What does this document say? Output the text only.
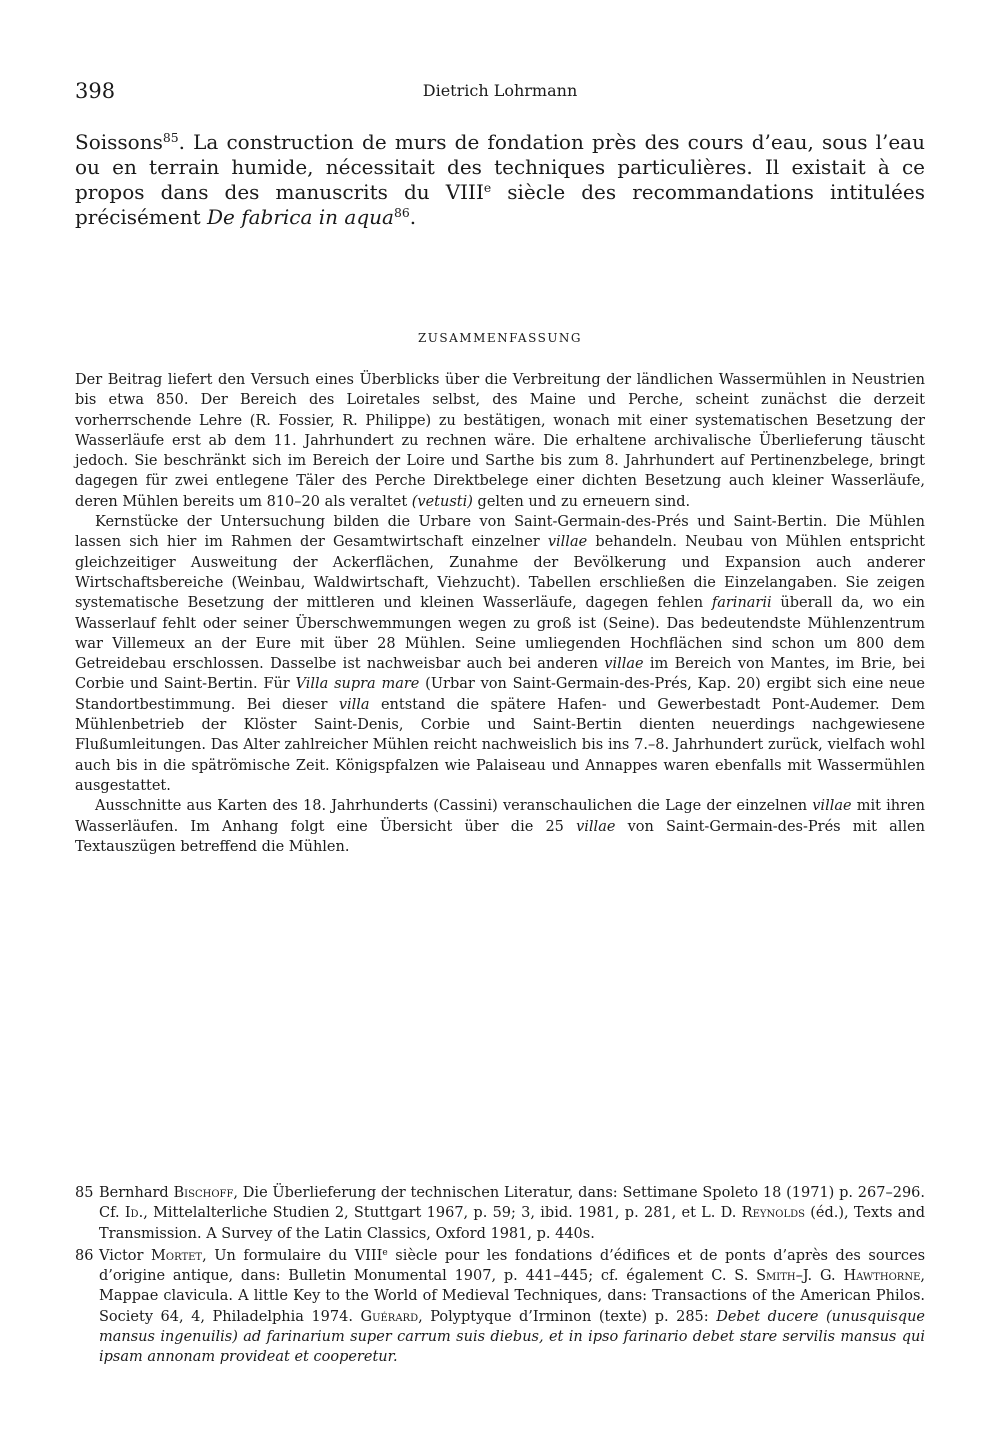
398	Dietrich Lohrmann

Soissons$^{85}$. La construction de murs de fondation près des cours d’eau, sous l’eau ou en terrain humide, nécessitait des techniques particulières. Il existait à ce propos dans des manuscrits du VIIIe siècle des recommandations intitulées précisément De fabrica in aqua$^{86}$.

ZUSAMMENFASSUNG

Der Beitrag liefert den Versuch eines Überblicks über die Verbreitung der ländlichen Wassermühlen in Neustrien bis etwa 850. Der Bereich des Loiretales selbst, des Maine und Perche, scheint zunächst die derzeit vorherrschende Lehre (R. Fossier, R. Philippe) zu bestätigen, wonach mit einer systematischen Besetzung der Wasserläufe erst ab dem 11. Jahrhundert zu rechnen wäre. Die erhaltene archivalische Überlieferung täuscht jedoch. Sie beschränkt sich im Bereich der Loire und Sarthe bis zum 8. Jahrhundert auf Pertinenzbelege, bringt dagegen für zwei entlegene Täler des Perche Direktbelege einer dichten Besetzung auch kleiner Wasserläufe, deren Mühlen bereits um 810–20 als veraltet (vetusti) gelten und zu erneuern sind.

Kernstücke der Untersuchung bilden die Urbare von Saint-Germain-des-Prés und Saint-Bertin. Die Mühlen lassen sich hier im Rahmen der Gesamtwirtschaft einzelner villae behandeln. Neubau von Mühlen entspricht gleichzeitiger Ausweitung der Ackerflächen, Zunahme der Bevölkerung und Expansion auch anderer Wirtschaftsbereiche (Weinbau, Waldwirtschaft, Viehzucht). Tabellen erschließen die Einzelangaben. Sie zeigen systematische Besetzung der mittleren und kleinen Wasserläufe, dagegen fehlen farinarii überall da, wo ein Wasserlauf fehlt oder seiner Überschwemmungen wegen zu groß ist (Seine). Das bedeutendste Mühlenzentrum war Villemeux an der Eure mit über 28 Mühlen. Seine umliegenden Hochflächen sind schon um 800 dem Getreidebau erschlossen. Dasselbe ist nachweisbar auch bei anderen villae im Bereich von Mantes, im Brie, bei Corbie und Saint-Bertin. Für Villa supra mare (Urbar von Saint-Germain-des-Prés, Kap. 20) ergibt sich eine neue Standortbestimmung. Bei dieser villa entstand die spätere Hafen- und Gewerbestadt Pont-Audemer. Dem Mühlenbetrieb der Klöster Saint-Denis, Corbie und Saint-Bertin dienten neuerdings nachgewiesene Flußumleitungen. Das Alter zahlreicher Mühlen reicht nachweislich bis ins 7.–8. Jahrhundert zurück, vielfach wohl auch bis in die spätrömische Zeit. Königspfalzen wie Palaiseau und Annappes waren ebenfalls mit Wassermühlen ausgestattet.

Ausschnitte aus Karten des 18. Jahrhunderts (Cassini) veranschaulichen die Lage der einzelnen villae mit ihren Wasserläufen. Im Anhang folgt eine Übersicht über die 25 villae von Saint-Germain-des-Prés mit allen Textauszügen betreffend die Mühlen.

85 Bernhard Bischoff, Die Überlieferung der technischen Literatur, dans: Settimane Spoleto 18 (1971) p. 267–296. Cf. Id., Mittelalterliche Studien 2, Stuttgart 1967, p. 59; 3, ibid. 1981, p. 281, et L. D. Reynolds (éd.), Texts and Transmission. A Survey of the Latin Classics, Oxford 1981, p. 440s.

86 Victor Mortet, Un formulaire du VIIIe siècle pour les fondations d’édifices et de ponts d’après des sources d’origine antique, dans: Bulletin Monumental 1907, p. 441–445; cf. également C. S. Smith–J. G. Hawthorne, Mappae clavicula. A little Key to the World of Medieval Techniques, dans: Transactions of the American Philos. Society 64, 4, Philadelphia 1974. Guérard, Polyptyque d’Irminon (texte) p. 285: Debet ducere (unusquisque mansus ingenuilis) ad farinarium super carrum suis diebus, et in ipso farinario debet stare servilis mansus qui ipsam annonam provideat et cooperetur.
